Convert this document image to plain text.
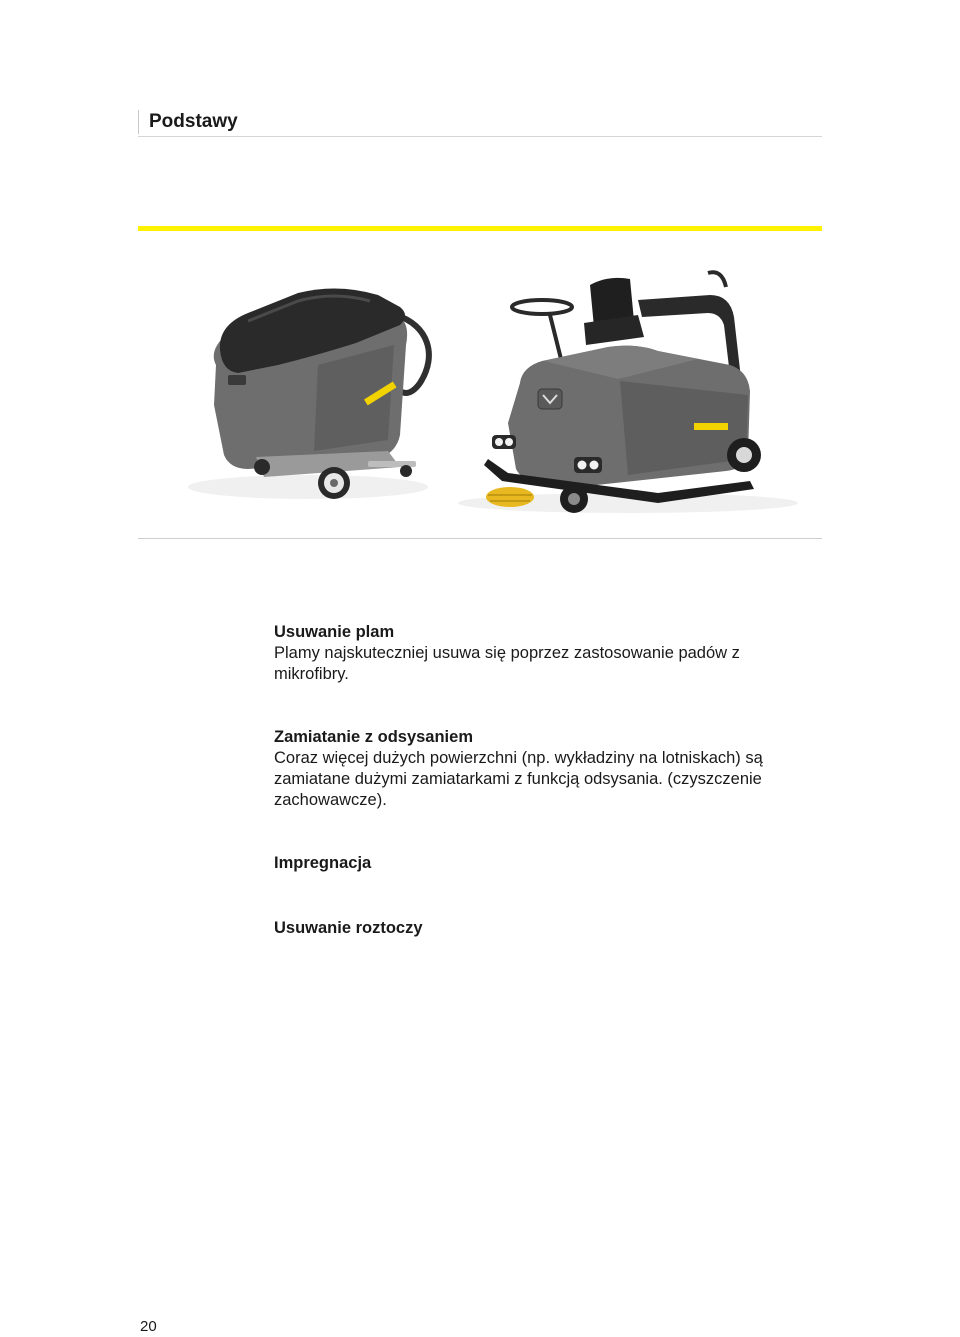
Podstawy
Usuwanie plam

Plamy najskuteczniej usuwa się poprzez zastosowanie padów z mikrofibry.

Zamiatanie z odsysaniem

Coraz więcej dużych powierzchni (np. wykładziny na lotniskach) są zamiatane dużymi zamiatarkami z funkcją odsysania. (czyszczenie zachowawcze).

Impregnacja
Usuwanie roztoczy
20
